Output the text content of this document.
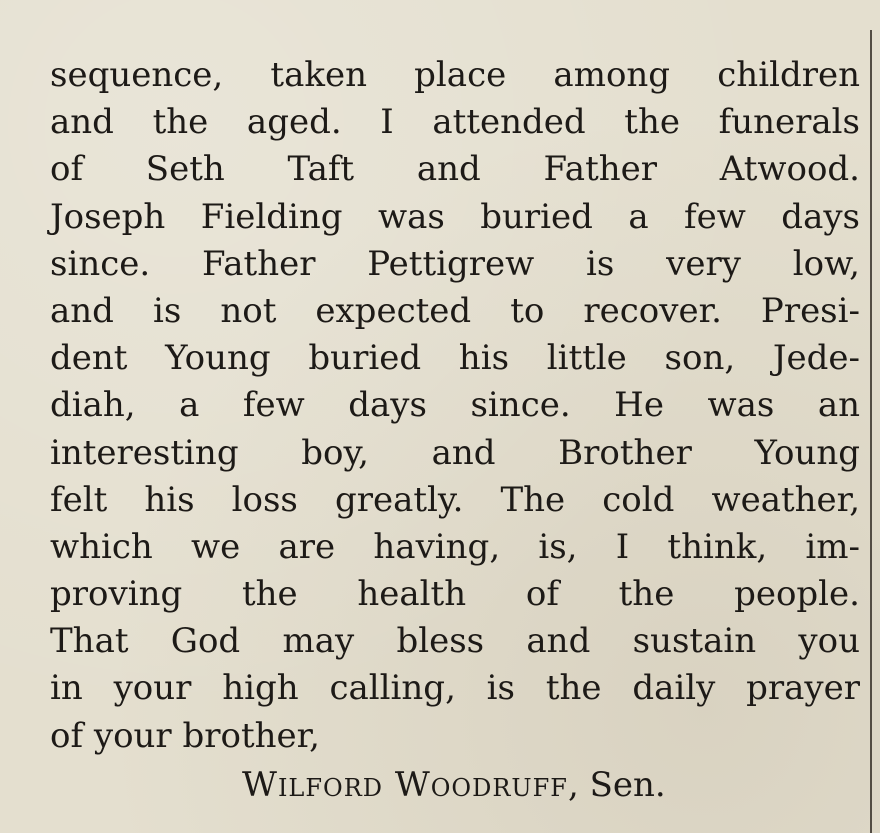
sequence, taken place among children
and the aged. I attended the funerals
of Seth Taft and Father Atwood.
Joseph Fielding was buried a few days
since. Father Pettigrew is very low,
and is not expected to recover. Presi-
dent Young buried his little son, Jede-
diah, a few days since. He was an
interesting boy, and Brother Young
felt his loss greatly. The cold weather,
which we are having, is, I think, im-
proving the health of the people.
That God may bless and sustain you
in your high calling, is the daily prayer
of your brother,
Wilford Woodruff, Sen.
